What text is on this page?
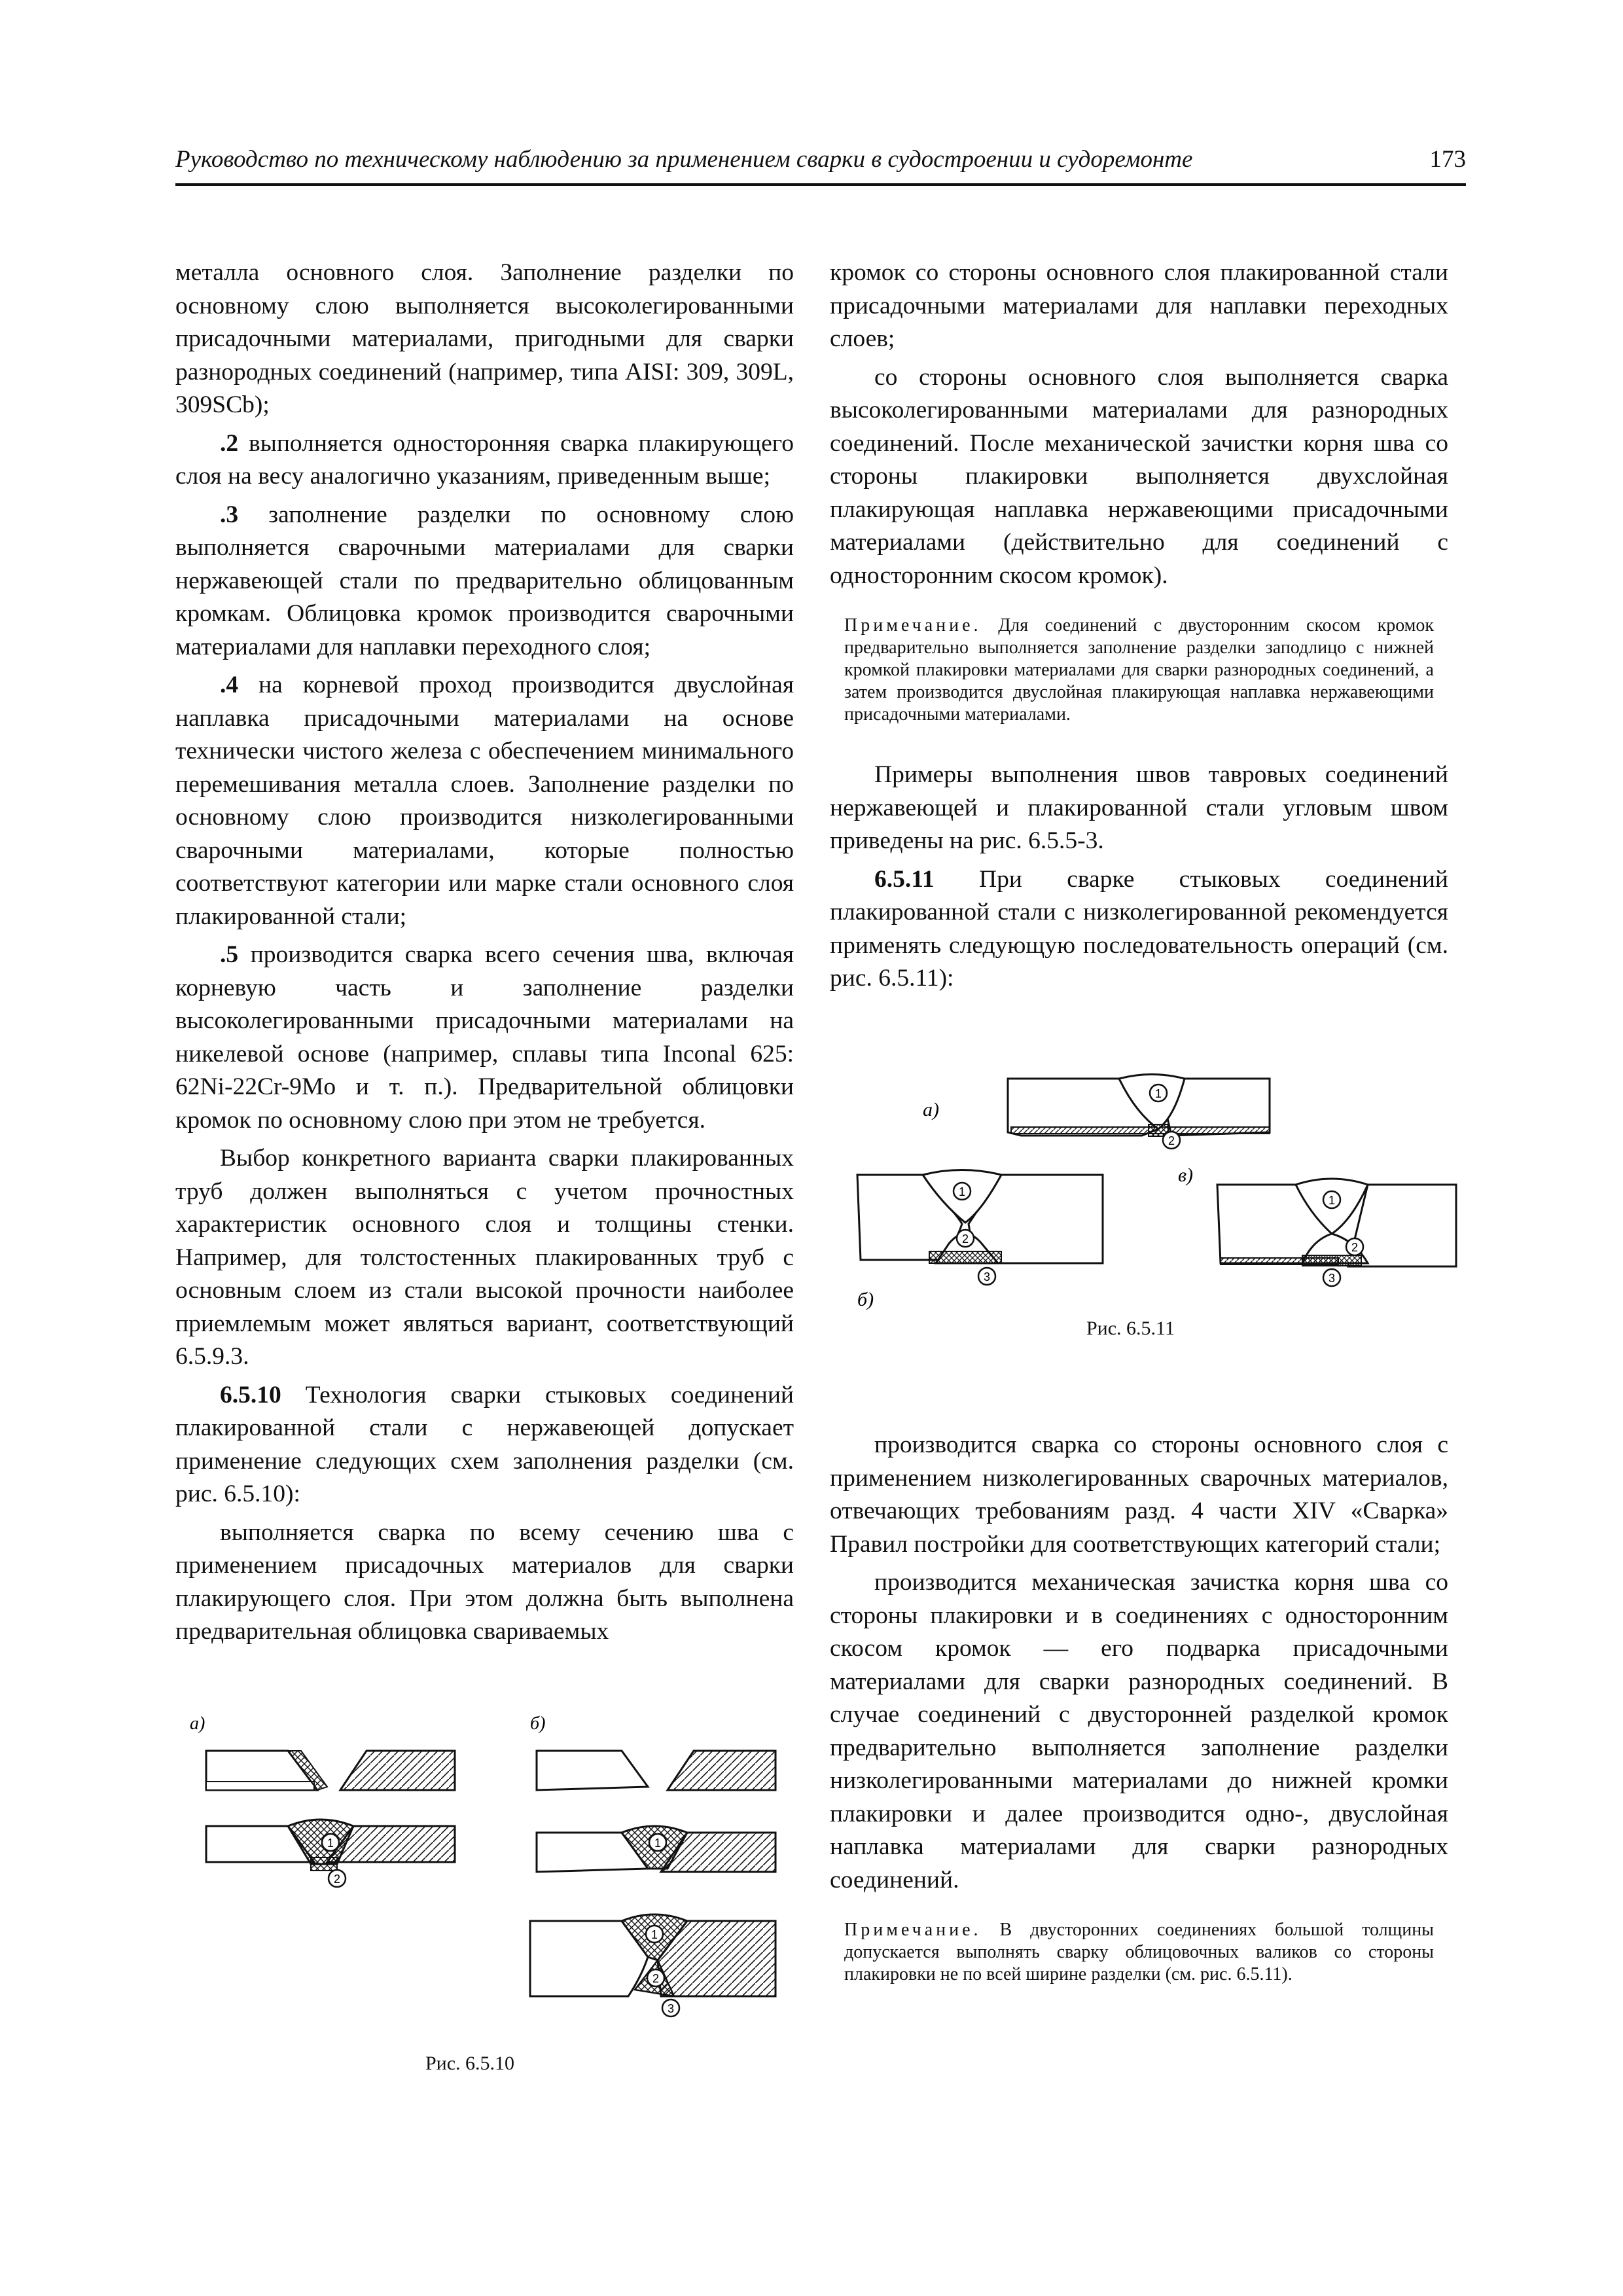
Руководство по техническому наблюдению за применением сварки в судостроении и судоремонте	173

металла основного слоя. Заполнение разделки по основному слою выполняется высоколегированными присадочными материалами, пригодными для сварки разнородных соединений (например, типа AISI: 309, 309L, 309SCb);

.2 выполняется односторонняя сварка плакирующего слоя на весу аналогично указаниям, приведенным выше;

.3 заполнение разделки по основному слою выполняется сварочными материалами для сварки нержавеющей стали по предварительно облицованным кромкам. Облицовка кромок производится сварочными материалами для наплавки переходного слоя;

.4 на корневой проход производится двуслойная наплавка присадочными материалами на основе технически чистого железа с обеспечением минимального перемешивания металла слоев. Заполнение разделки по основному слою производится низколегированными сварочными материалами, которые полностью соответствуют категории или марке стали основного слоя плакированной стали;

.5 производится сварка всего сечения шва, включая корневую часть и заполнение разделки высоколегированными присадочными материалами на никелевой основе (например, сплавы типа Inconal 625: 62Ni-22Cr-9Mo и т. п.). Предварительной облицовки кромок по основному слою при этом не требуется.

Выбор конкретного варианта сварки плакированных труб должен выполняться с учетом прочностных характеристик основного слоя и толщины стенки. Например, для толстостенных плакированных труб с основным слоем из стали высокой прочности наиболее приемлемым может являться вариант, соответствующий 6.5.9.3.

6.5.10 Технология сварки стыковых соединений плакированной стали с нержавеющей допускает применение следующих схем заполнения разделки (см. рис. 6.5.10):

выполняется сварка по всему сечению шва с применением присадочных материалов для сварки плакирующего слоя. При этом должна быть выполнена предварительная облицовка свариваемых

кромок со стороны основного слоя плакированной стали присадочными материалами для наплавки переходных слоев;

со стороны основного слоя выполняется сварка высоколегированными материалами для разнородных соединений. После механической зачистки корня шва со стороны плакировки выполняется двухслойная плакирующая наплавка нержавеющими присадочными материалами (действительно для соединений с односторонним скосом кромок).

Примечание. Для соединений с двусторонним скосом кромок предварительно выполняется заполнение разделки заподлицо с нижней кромкой плакировки материалами для сварки разнородных соединений, а затем производится двуслойная плакирующая наплавка нержавеющими присадочными материалами.

Примеры выполнения швов тавровых соединений нержавеющей и плакированной стали угловым швом приведены на рис. 6.5.5-3.

6.5.11 При сварке стыковых соединений плакированной стали с низколегированной рекомендуется применять следующую последовательность операций (см. рис. 6.5.11):

1
2
а)
1
2
3
б)
1
2
3
в)
Рис. 6.5.11

производится сварка со стороны основного слоя с применением низколегированных сварочных материалов, отвечающих требованиям разд. 4 части XIV «Сварка» Правил постройки для соответствующих категорий стали;

производится механическая зачистка корня шва со стороны плакировки и в соединениях с односторонним скосом кромок — его подварка присадочными материалами для сварки разнородных соединений. В случае соединений с двусторонней разделкой кромок предварительно выполняется заполнение разделки низколегированными материалами до нижней кромки плакировки и далее производится одно-, двуслойная наплавка материалами для сварки разнородных соединений.

Примечание. В двусторонних соединениях большой толщины допускается выполнять сварку облицовочных валиков со стороны плакировки не по всей ширине разделки (см. рис. 6.5.11).
а)
1
2
б)
1
1
2
3
Рис. 6.5.10
